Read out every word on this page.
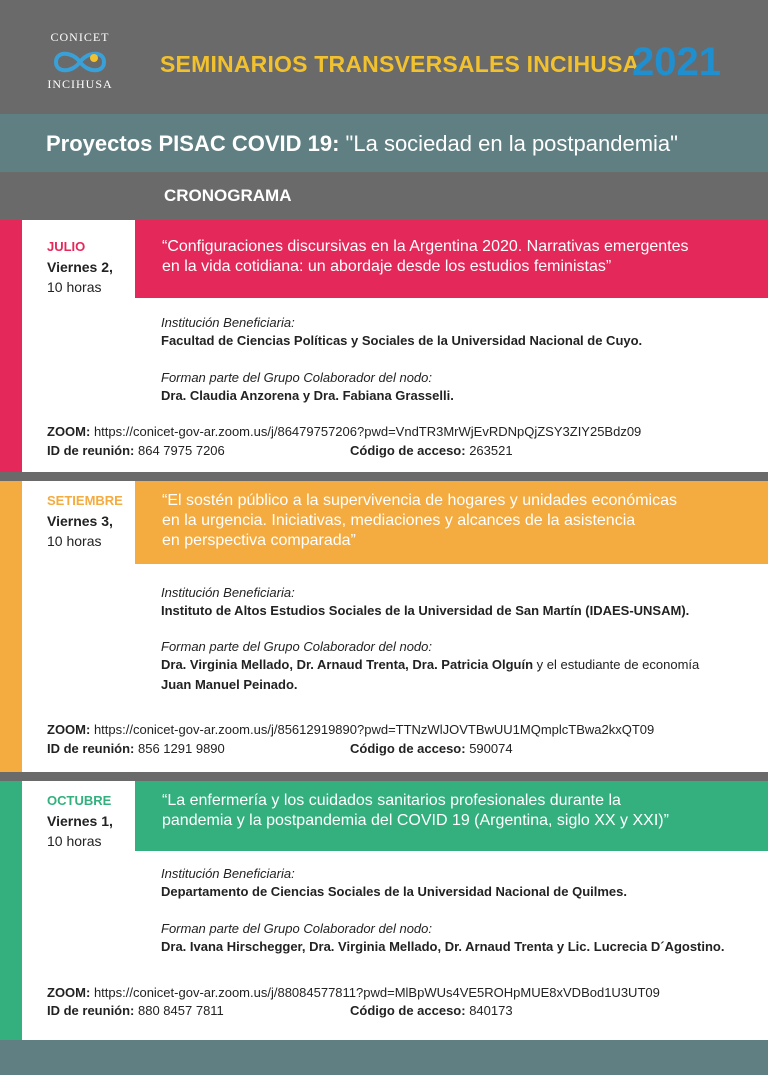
CONICET
INCIHUSA
SEMINARIOS TRANSVERSALES INCIHUSA
2021
Proyectos PISAC COVID 19: "La sociedad en la postpandemia"
CRONOGRAMA
JULIO
Viernes 2,
10 horas
“Configuraciones discursivas en la Argentina 2020. Narrativas emergentes
en la vida cotidiana: un abordaje desde los estudios feministas”
Institución Beneficiaria:
Facultad de Ciencias Políticas y Sociales de la Universidad Nacional de Cuyo.
Forman parte del Grupo Colaborador del nodo:
Dra. Claudia Anzorena y Dra. Fabiana Grasselli.
ZOOM: https://conicet-gov-ar.zoom.us/j/86479757206?pwd=VndTR3MrWjEvRDNpQjZSY3ZIY25Bdz09
ID de reunión: 864 7975 7206	Código de acceso: 263521
SETIEMBRE
Viernes 3,
10 horas
“El sostén público a la supervivencia de hogares y unidades económicas
en la urgencia. Iniciativas, mediaciones y alcances de la asistencia
en perspectiva comparada”
Institución Beneficiaria:
Instituto de Altos Estudios Sociales de la Universidad de San Martín (IDAES-UNSAM).
Forman parte del Grupo Colaborador del nodo:
Dra. Virginia Mellado, Dr. Arnaud Trenta, Dra. Patricia Olguín y el estudiante de economía
Juan Manuel Peinado.
ZOOM: https://conicet-gov-ar.zoom.us/j/85612919890?pwd=TTNzWlJOVTBwUU1MQmplcTBwa2kxQT09
ID de reunión: 856 1291 9890	Código de acceso: 590074
OCTUBRE
Viernes 1,
10 horas
“La enfermería y los cuidados sanitarios profesionales durante la
pandemia y la postpandemia del COVID 19 (Argentina, siglo XX y XXI)”
Institución Beneficiaria:
Departamento de Ciencias Sociales de la Universidad Nacional de Quilmes.
Forman parte del Grupo Colaborador del nodo:
Dra. Ivana Hirschegger, Dra. Virginia Mellado, Dr. Arnaud Trenta y Lic. Lucrecia D´Agostino.
ZOOM: https://conicet-gov-ar.zoom.us/j/88084577811?pwd=MlBpWUs4VE5ROHpMUE8xVDBod1U3UT09
ID de reunión: 880 8457 7811	Código de acceso: 840173
